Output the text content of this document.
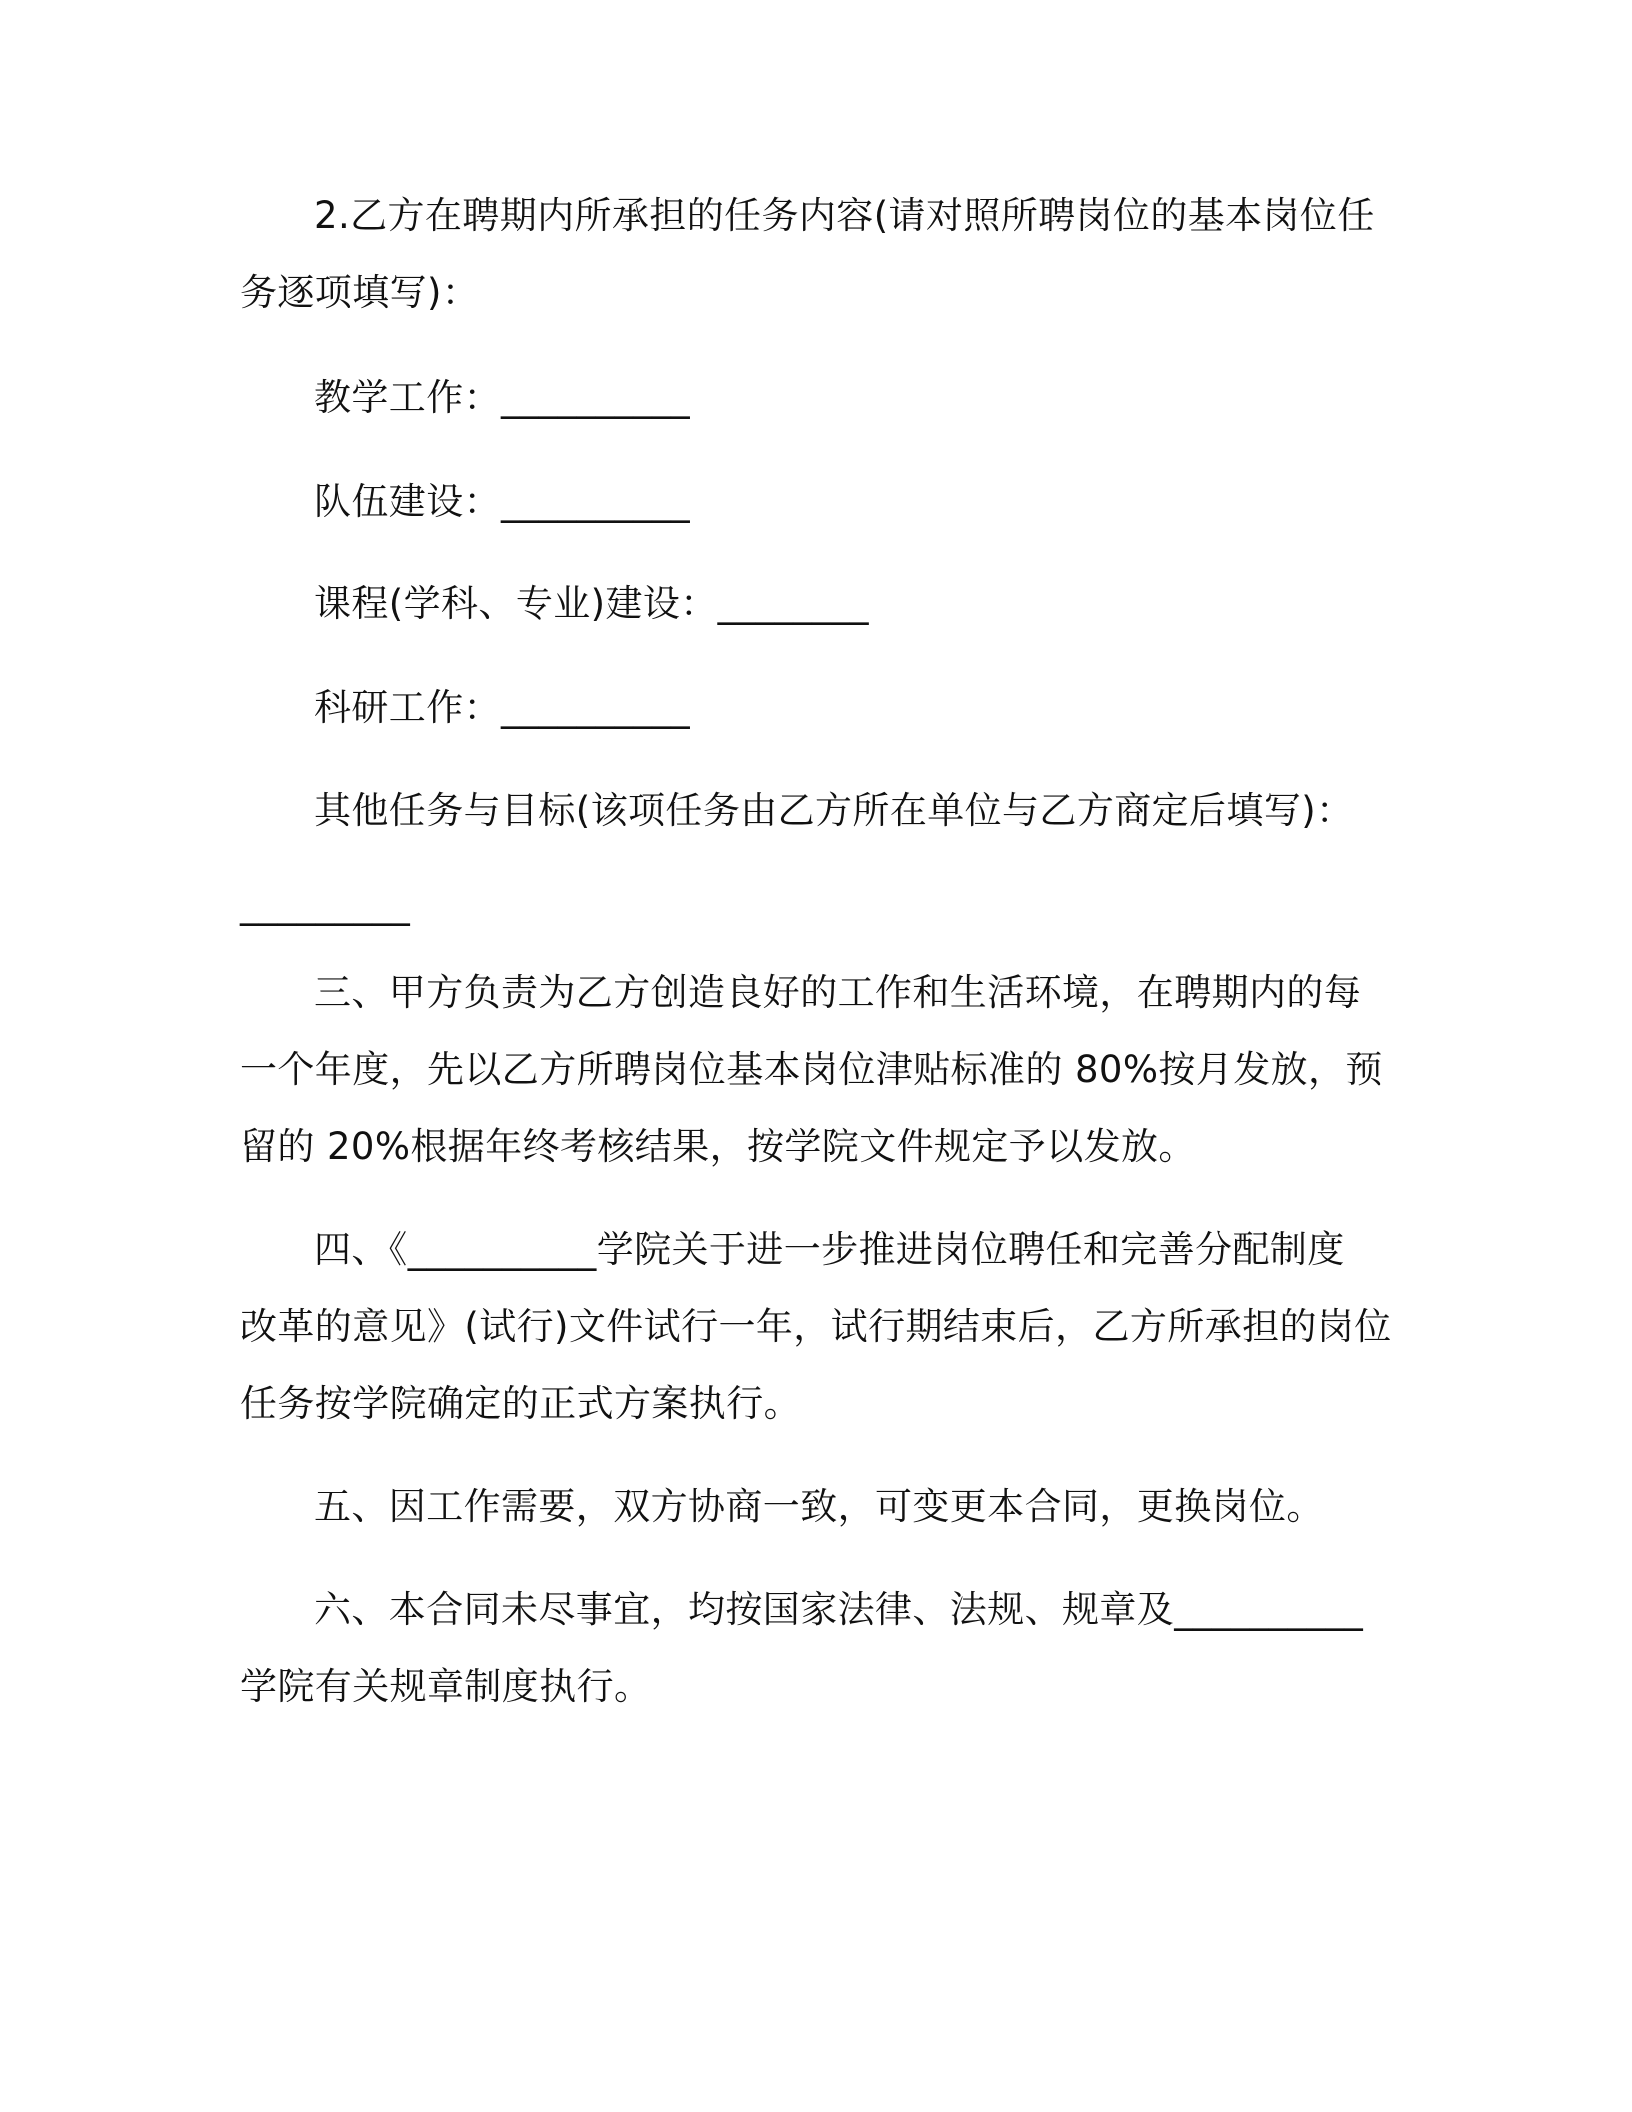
2.乙方在聘期内所承担的任务内容(请对照所聘岗位的基本岗位任
务逐项填写)：
教学工作：__________
队伍建设：__________
课程(学科、专业)建设：________
科研工作：__________
其他任务与目标(该项任务由乙方所在单位与乙方商定后填写)：
_________
三、甲方负责为乙方创造良好的工作和生活环境，在聘期内的每
一个年度，先以乙方所聘岗位基本岗位津贴标准的 80%按月发放，预
留的 20%根据年终考核结果，按学院文件规定予以发放。
四、《__________学院关于进一步推进岗位聘任和完善分配制度
改革的意见》(试行)文件试行一年，试行期结束后，乙方所承担的岗位
任务按学院确定的正式方案执行。
五、因工作需要，双方协商一致，可变更本合同，更换岗位。
六、本合同未尽事宜，均按国家法律、法规、规章及__________
学院有关规章制度执行。
